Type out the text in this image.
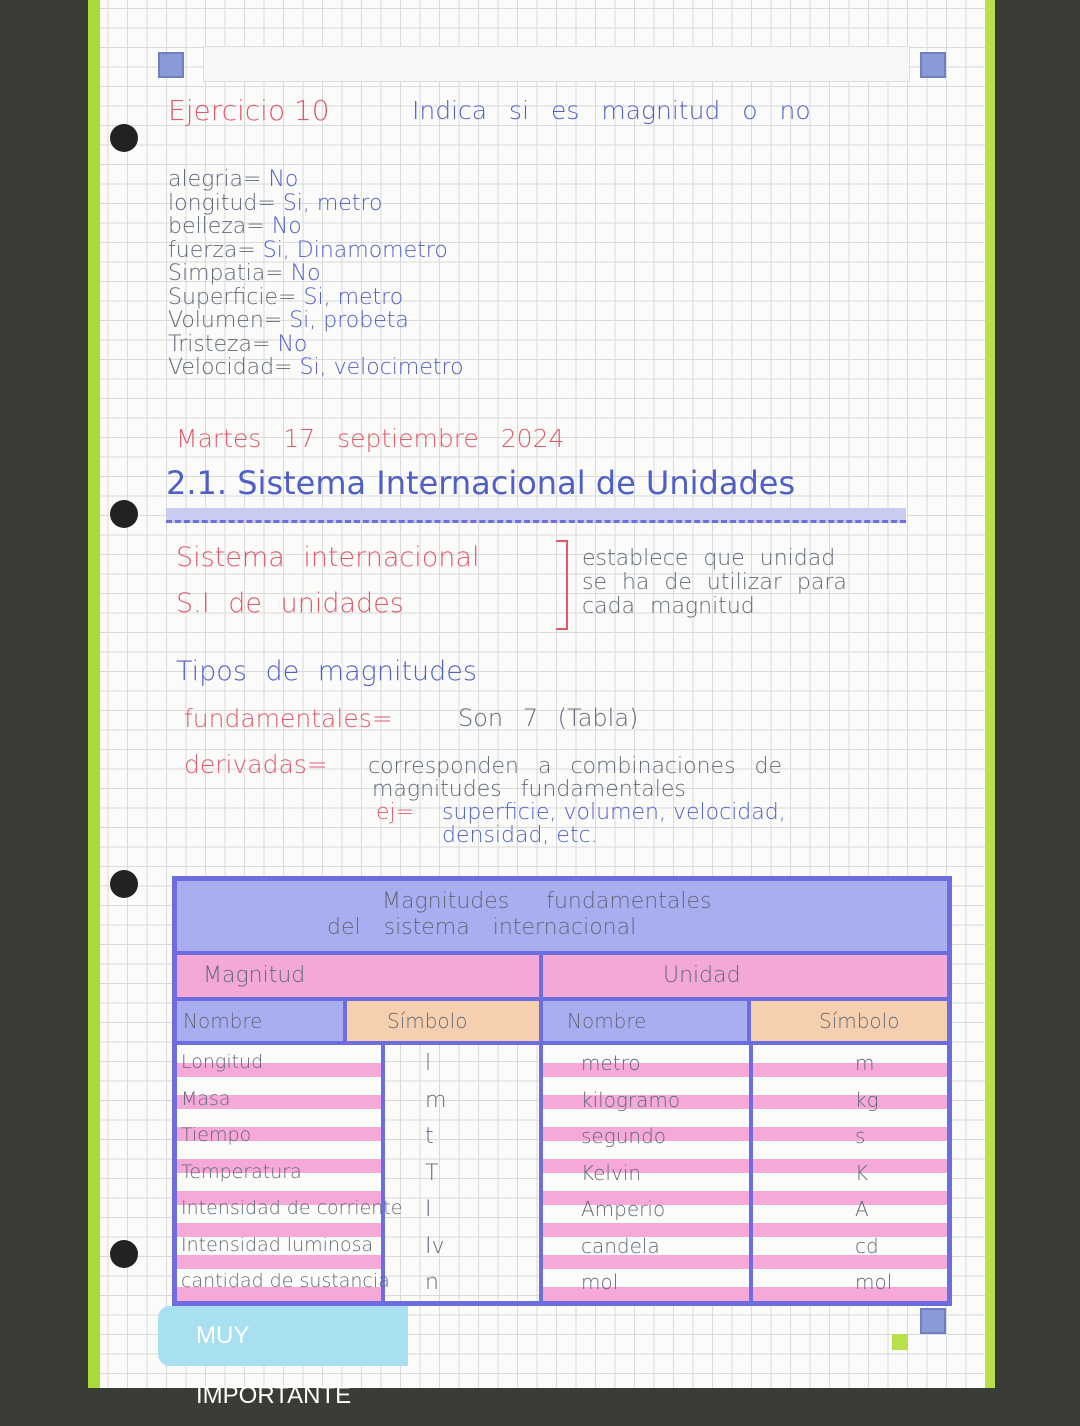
Ejercicio 10	Indica si es magnitud o no
alegria= No
longitud= Si, metro
belleza= No
fuerza= Si, Dinamometro
Simpatia= No
Superficie= Si, metro
Volumen= Si, probeta
Tristeza= No
Velocidad= Si, velocimetro
Martes 17 septiembre 2024
2.1. Sistema Internacional de Unidades
Sistema internacional
S.I de unidades
establece que unidad
se ha de utilizar para
cada magnitud
Tipos de magnitudes
fundamentales=	Son 7 (Tabla)
derivadas= corresponden a combinaciones de
magnitudes fundamentales
ej= superficie, volumen, velocidad,
densidad, etc.
Magnitudes fundamentales
del sistema internacional
Magnitud	Unidad
Nombre	Símbolo	Nombre	Símbolo
Longitud	l	metro	m
Masa	m	kilogramo	kg
Tiempo	t	segundo	s
Temperatura	T	Kelvin	K
Intensidad de corriente I	Amperio	A
Intensidad luminosa Iv	candela	cd
cantidad de sustancia n	mol	mol
MUY IMPORTANTE
